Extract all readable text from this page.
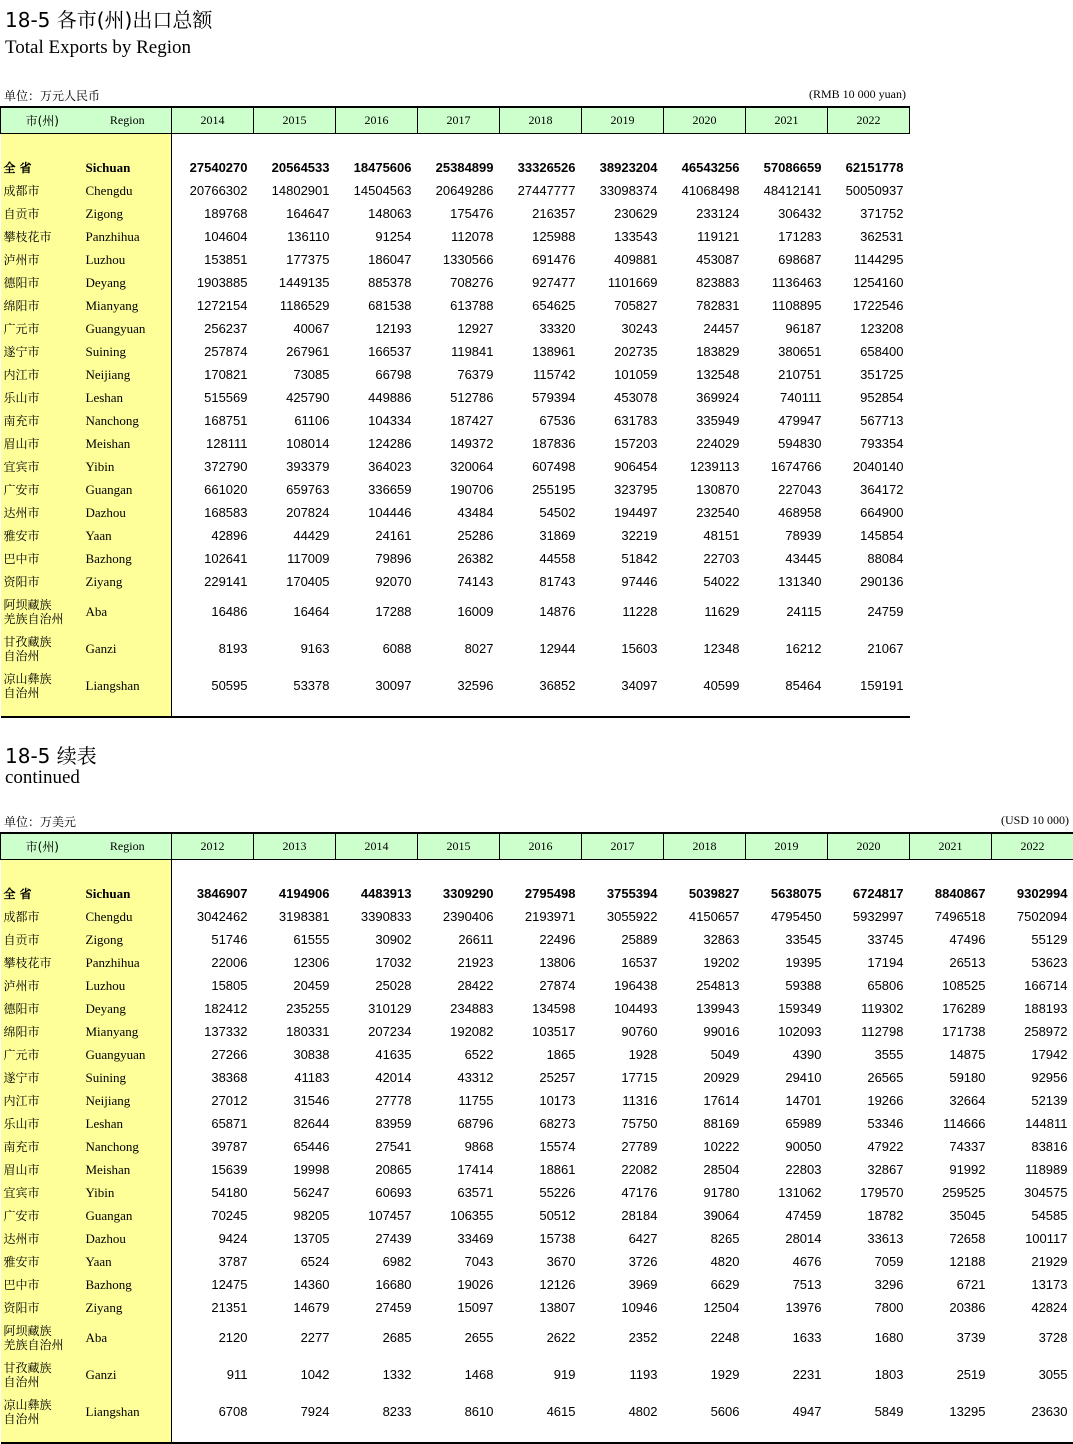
18-5 各市(州)出口总额
Total Exports by Region
单位：万元人民币	(RMB 10 000 yuan)
市(州)	Region	2014	2015	2016	2017	2018	2019	2020	2021	2022

全 省	Sichuan	27540270	20564533	18475606	25384899	33326526	38923204	46543256	57086659	62151778
成都市	Chengdu	20766302	14802901	14504563	20649286	27447777	33098374	41068498	48412141	50050937
自贡市	Zigong	189768	164647	148063	175476	216357	230629	233124	306432	371752
攀枝花市	Panzhihua	104604	136110	91254	112078	125988	133543	119121	171283	362531
泸州市	Luzhou	153851	177375	186047	1330566	691476	409881	453087	698687	1144295
德阳市	Deyang	1903885	1449135	885378	708276	927477	1101669	823883	1136463	1254160
绵阳市	Mianyang	1272154	1186529	681538	613788	654625	705827	782831	1108895	1722546
广元市	Guangyuan	256237	40067	12193	12927	33320	30243	24457	96187	123208
遂宁市	Suining	257874	267961	166537	119841	138961	202735	183829	380651	658400
内江市	Neijiang	170821	73085	66798	76379	115742	101059	132548	210751	351725
乐山市	Leshan	515569	425790	449886	512786	579394	453078	369924	740111	952854
南充市	Nanchong	168751	61106	104334	187427	67536	631783	335949	479947	567713
眉山市	Meishan	128111	108014	124286	149372	187836	157203	224029	594830	793354
宜宾市	Yibin	372790	393379	364023	320064	607498	906454	1239113	1674766	2040140
广安市	Guangan	661020	659763	336659	190706	255195	323795	130870	227043	364172
达州市	Dazhou	168583	207824	104446	43484	54502	194497	232540	468958	664900
雅安市	Yaan	42896	44429	24161	25286	31869	32219	48151	78939	145854
巴中市	Bazhong	102641	117009	79896	26382	44558	51842	22703	43445	88084
资阳市	Ziyang	229141	170405	92070	74143	81743	97446	54022	131340	290136
阿坝藏族
羌族自治州	Aba	16486	16464	17288	16009	14876	11228	11629	24115	24759
甘孜藏族
自治州	Ganzi	8193	9163	6088	8027	12944	15603	12348	16212	21067
凉山彝族
自治州	Liangshan	50595	53378	30097	32596	36852	34097	40599	85464	159191

18-5 续表
continued
单位：万美元	(USD 10 000)
市(州)	Region	2012	2013	2014	2015	2016	2017	2018	2019	2020	2021	2022

全 省	Sichuan	3846907	4194906	4483913	3309290	2795498	3755394	5039827	5638075	6724817	8840867	9302994
成都市	Chengdu	3042462	3198381	3390833	2390406	2193971	3055922	4150657	4795450	5932997	7496518	7502094
自贡市	Zigong	51746	61555	30902	26611	22496	25889	32863	33545	33745	47496	55129
攀枝花市	Panzhihua	22006	12306	17032	21923	13806	16537	19202	19395	17194	26513	53623
泸州市	Luzhou	15805	20459	25028	28422	27874	196438	254813	59388	65806	108525	166714
德阳市	Deyang	182412	235255	310129	234883	134598	104493	139943	159349	119302	176289	188193
绵阳市	Mianyang	137332	180331	207234	192082	103517	90760	99016	102093	112798	171738	258972
广元市	Guangyuan	27266	30838	41635	6522	1865	1928	5049	4390	3555	14875	17942
遂宁市	Suining	38368	41183	42014	43312	25257	17715	20929	29410	26565	59180	92956
内江市	Neijiang	27012	31546	27778	11755	10173	11316	17614	14701	19266	32664	52139
乐山市	Leshan	65871	82644	83959	68796	68273	75750	88169	65989	53346	114666	144811
南充市	Nanchong	39787	65446	27541	9868	15574	27789	10222	90050	47922	74337	83816
眉山市	Meishan	15639	19998	20865	17414	18861	22082	28504	22803	32867	91992	118989
宜宾市	Yibin	54180	56247	60693	63571	55226	47176	91780	131062	179570	259525	304575
广安市	Guangan	70245	98205	107457	106355	50512	28184	39064	47459	18782	35045	54585
达州市	Dazhou	9424	13705	27439	33469	15738	6427	8265	28014	33613	72658	100117
雅安市	Yaan	3787	6524	6982	7043	3670	3726	4820	4676	7059	12188	21929
巴中市	Bazhong	12475	14360	16680	19026	12126	3969	6629	7513	3296	6721	13173
资阳市	Ziyang	21351	14679	27459	15097	13807	10946	12504	13976	7800	20386	42824
阿坝藏族
羌族自治州	Aba	2120	2277	2685	2655	2622	2352	2248	1633	1680	3739	3728
甘孜藏族
自治州	Ganzi	911	1042	1332	1468	919	1193	1929	2231	1803	2519	3055
凉山彝族
自治州	Liangshan	6708	7924	8233	8610	4615	4802	5606	4947	5849	13295	23630
